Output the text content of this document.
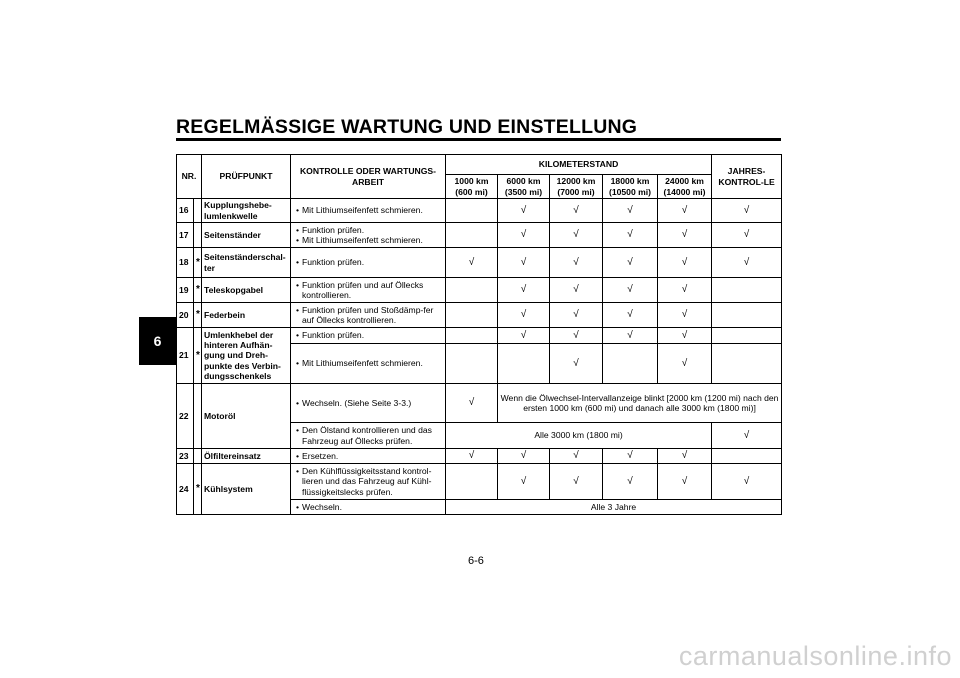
REGELMÄSSIGE WARTUNG UND EINSTELLUNG
6
NR.		PRÜFPUNKT	KONTROLLE ODER WARTUNGS-ARBEIT	KILOMETERSTAND					JAHRES-KONTROL-LE
				1000 km (600 mi)	6000 km (3500 mi)	12000 km (7000 mi)	18000 km (10500 mi)	24000 km (14000 mi)	
16		Kupplungshebe-lumlenkwelle	• Mit Lithiumseifenfett schmieren.		√	√	√	√	√
17		Seitenständer	• Funktion prüfen.
• Mit Lithiumseifenfett schmieren.		√	√	√	√	√
18	*	Seitenständerschal-ter	• Funktion prüfen.	√	√	√	√	√	√
19	*	Teleskopgabel	• Funktion prüfen und auf Öllecks kontrollieren.		√	√	√	√	
20	*	Federbein	• Funktion prüfen und Stoßdämp-fer auf Öllecks kontrollieren.		√	√	√	√	
21	*	Umlenkhebel der hinteren Aufhän-gung und Dreh-punkte des Verbin-dungsschenkels	• Funktion prüfen.		√	√	√	√	

			• Mit Lithiumseifenfett schmieren.			√		√	
22		Motoröl	• Wechseln. (Siehe Seite 3-3.)	√	Wenn die Ölwechsel-Intervallanzeige blinkt [2000 km (1200 mi) nach den ersten 1000 km (600 mi) und danach alle 3000 km (1800 mi)]				

			• Den Ölstand kontrollieren und das Fahrzeug auf Öllecks prüfen.	Alle 3000 km (1800 mi)					√
23		Ölfiltereinsatz	• Ersetzen.	√	√	√	√	√	
24	*	Kühlsystem	• Den Kühlflüssigkeitsstand kontrol-lieren und das Fahrzeug auf Kühl-flüssigkeitslecks prüfen.		√	√	√	√	√

			• Wechseln.	Alle 3 Jahre					
6-6
carmanualsonline.info
